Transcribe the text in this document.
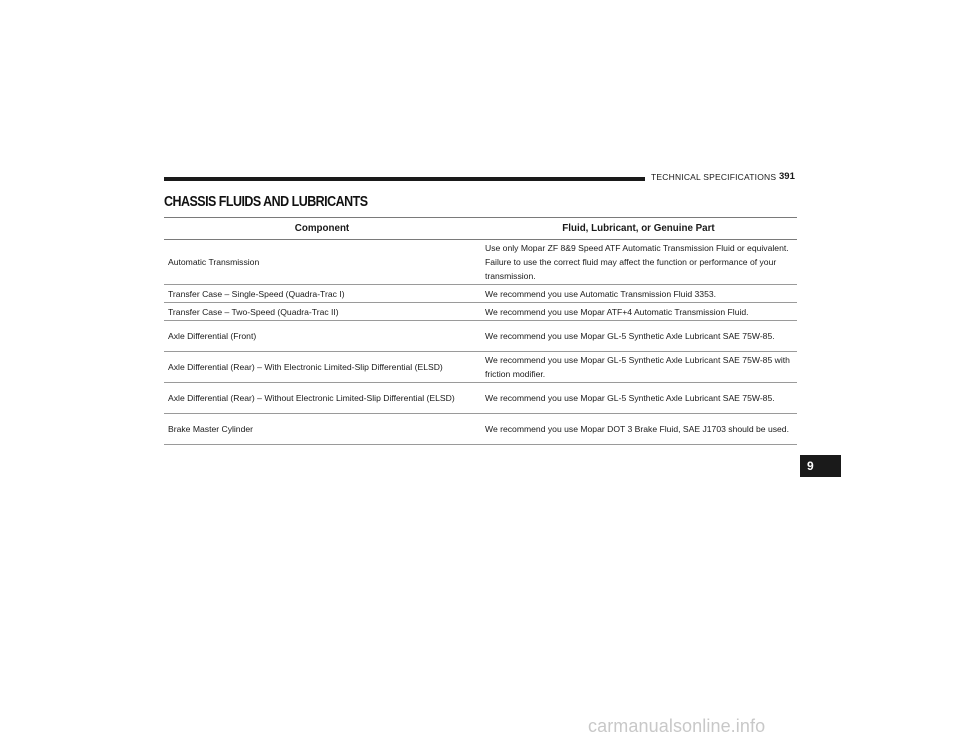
TECHNICAL SPECIFICATIONS 391
CHASSIS FLUIDS AND LUBRICANTS
Component	Fluid, Lubricant, or Genuine Part
Automatic Transmission	Use only Mopar ZF 8&9 Speed ATF Automatic Transmission Fluid or equivalent. Failure to use the correct fluid may affect the function or performance of your transmission.
Transfer Case – Single-Speed (Quadra-Trac I)	We recommend you use Automatic Transmission Fluid 3353.
Transfer Case – Two-Speed (Quadra-Trac II)	We recommend you use Mopar ATF+4 Automatic Transmission Fluid.
Axle Differential (Front)	We recommend you use Mopar GL-5 Synthetic Axle Lubricant SAE 75W-85.
Axle Differential (Rear) – With Electronic Limited-Slip Differential (ELSD)	We recommend you use Mopar GL-5 Synthetic Axle Lubricant SAE 75W-85 with friction modifier.
Axle Differential (Rear) – Without Electronic Limited-Slip Differential (ELSD)	We recommend you use Mopar GL-5 Synthetic Axle Lubricant SAE 75W-85.
Brake Master Cylinder	We recommend you use Mopar DOT 3 Brake Fluid, SAE J1703 should be used.
9
carmanualsonline.info
